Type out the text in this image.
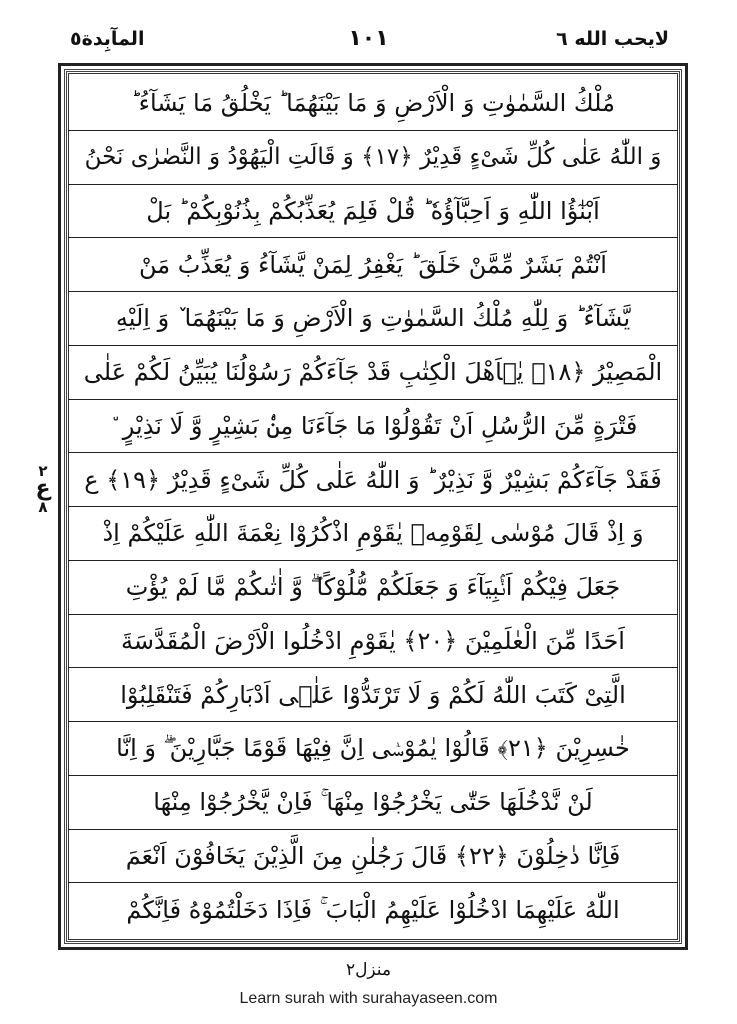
المآبِدة٥	١٠١	لایحب الله ٦
۲
ع
۸
مُلْكُ السَّمٰوٰتِ وَ الْاَرْضِ وَ مَا بَیْنَهُمَا ؕ یَخْلُقُ مَا یَشَآءُ ؕ
وَ اللّٰهُ عَلٰى كُلِّ شَیْءٍ قَدِیْرٌ ﴿۱۷﴾ وَ قَالَتِ الْیَهُوْدُ وَ النَّصٰرٰى نَحْنُ
اَبْنٰٓؤُا اللّٰهِ وَ اَحِبَّآؤُهٗ ؕ قُلْ فَلِمَ یُعَذِّبُكُمْ بِذُنُوْبِكُمْ ؕ بَلْ
اَنْتُمْ بَشَرٌ مِّمَّنْ خَلَقَ ؕ یَغْفِرُ لِمَنْ یَّشَآءُ وَ یُعَذِّبُ مَنْ
یَّشَآءُ ؕ وَ لِلّٰهِ مُلْكُ السَّمٰوٰتِ وَ الْاَرْضِ وَ مَا بَیْنَهُمَا ٚ وَ اِلَیْهِ
الْمَصِیْرُ ﴿۱۸﴾ یٰۤاَهْلَ الْكِتٰبِ قَدْ جَآءَكُمْ رَسُوْلُنَا یُبَیِّنُ لَكُمْ عَلٰى
فَتْرَةٍ مِّنَ الرُّسُلِ اَنْ تَقُوْلُوْا مَا جَآءَنَا مِنْۢ بَشِیْرٍ وَّ لَا نَذِیْرٍ ٘
فَقَدْ جَآءَكُمْ بَشِیْرٌ وَّ نَذِیْرٌ ؕ وَ اللّٰهُ عَلٰى كُلِّ شَیْءٍ قَدِیْرٌ ﴿۱۹﴾ ع
وَ اِذْ قَالَ مُوْسٰى لِقَوْمِهٖ یٰقَوْمِ اذْكُرُوْا نِعْمَةَ اللّٰهِ عَلَیْكُمْ اِذْ
جَعَلَ فِیْكُمْ اَنْۢبِیَآءَ وَ جَعَلَكُمْ مُّلُوْكًا ۖۗ وَّ اٰتٰىكُمْ مَّا لَمْ یُؤْتِ
اَحَدًا مِّنَ الْعٰلَمِیْنَ ﴿۲۰﴾ یٰقَوْمِ ادْخُلُوا الْاَرْضَ الْمُقَدَّسَةَ
الَّتِیْ كَتَبَ اللّٰهُ لَكُمْ وَ لَا تَرْتَدُّوْا عَلٰۤى اَدْبَارِكُمْ فَتَنْقَلِبُوْا
خٰسِرِیْنَ ﴿۲۱﴾ قَالُوْا یٰمُوْسٰۤى اِنَّ فِیْهَا قَوْمًا جَبَّارِیْنَ ۖۗ وَ اِنَّا
لَنْ نَّدْخُلَهَا حَتّٰى یَخْرُجُوْا مِنْهَا ۚ فَاِنْ یَّخْرُجُوْا مِنْهَا
فَاِنَّا دٰخِلُوْنَ ﴿۲۲﴾ قَالَ رَجُلٰنِ مِنَ الَّذِیْنَ یَخَافُوْنَ اَنْعَمَ
اللّٰهُ عَلَیْهِمَا ادْخُلُوْا عَلَیْهِمُ الْبَابَ ۚ فَاِذَا دَخَلْتُمُوْهُ فَاِنَّكُمْ
منزل۲
Learn surah with surahayaseen.com
